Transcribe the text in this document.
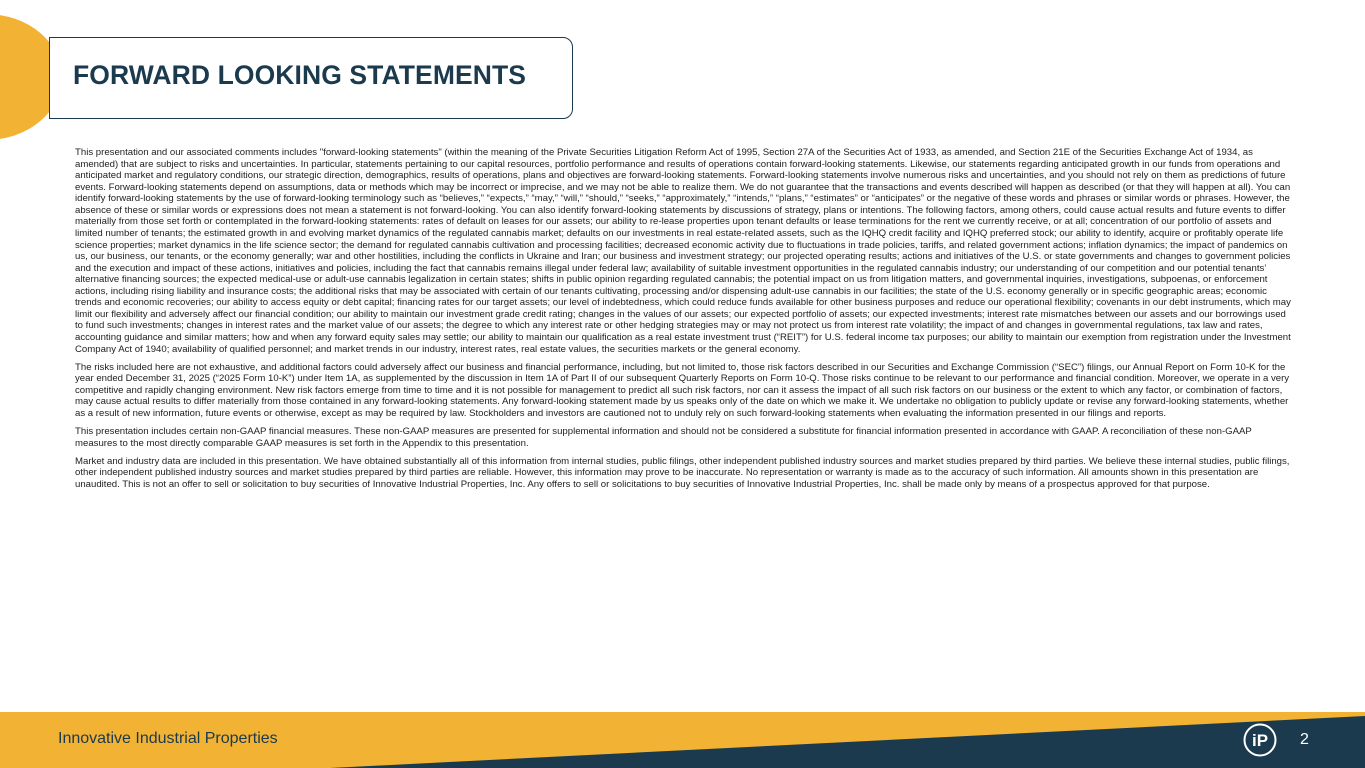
FORWARD LOOKING STATEMENTS

This presentation and our associated comments includes "forward-looking statements" (within the meaning of the Private Securities Litigation Reform Act of 1995, Section 27A of the Securities Act of 1933, as amended, and Section 21E of the Securities Exchange Act of 1934, as amended) that are subject to risks and uncertainties. In particular, statements pertaining to our capital resources, portfolio performance and results of operations contain forward-looking statements. Likewise, our statements regarding anticipated growth in our funds from operations and anticipated market and regulatory conditions, our strategic direction, demographics, results of operations, plans and objectives are forward-looking statements. Forward-looking statements involve numerous risks and uncertainties, and you should not rely on them as predictions of future events. Forward-looking statements depend on assumptions, data or methods which may be incorrect or imprecise, and we may not be able to realize them. We do not guarantee that the transactions and events described will happen as described (or that they will happen at all). You can identify forward-looking statements by the use of forward-looking terminology such as “believes,” “expects,” “may,” “will,” “should,” “seeks,” “approximately,” “intends,” “plans,” “estimates” or “anticipates” or the negative of these words and phrases or similar words or phrases. However, the absence of these or similar words or expressions does not mean a statement is not forward-looking. You can also identify forward-looking statements by discussions of strategy, plans or intentions. The following factors, among others, could cause actual results and future events to differ materially from those set forth or contemplated in the forward-looking statements: rates of default on leases for our assets; our ability to re-lease properties upon tenant defaults or lease terminations for the rent we currently receive, or at all; concentration of our portfolio of assets and limited number of tenants; the estimated growth in and evolving market dynamics of the regulated cannabis market; defaults on our investments in real estate-related assets, such as the IQHQ credit facility and IQHQ preferred stock; our ability to identify, acquire or profitably operate life science properties; market dynamics in the life science sector; the demand for regulated cannabis cultivation and processing facilities; decreased economic activity due to fluctuations in trade policies, tariffs, and related government actions; inflation dynamics; the impact of pandemics on us, our business, our tenants, or the economy generally; war and other hostilities, including the conflicts in Ukraine and Iran; our business and investment strategy; our projected operating results; actions and initiatives of the U.S. or state governments and changes to government policies and the execution and impact of these actions, initiatives and policies, including the fact that cannabis remains illegal under federal law; availability of suitable investment opportunities in the regulated cannabis industry; our understanding of our competition and our potential tenants’ alternative financing sources; the expected medical-use or adult-use cannabis legalization in certain states; shifts in public opinion regarding regulated cannabis; the potential impact on us from litigation matters, and governmental inquiries, investigations, subpoenas, or enforcement actions, including rising liability and insurance costs; the additional risks that may be associated with certain of our tenants cultivating, processing and/or dispensing adult-use cannabis in our facilities; the state of the U.S. economy generally or in specific geographic areas; economic trends and economic recoveries; our ability to access equity or debt capital; financing rates for our target assets; our level of indebtedness, which could reduce funds available for other business purposes and reduce our operational flexibility; covenants in our debt instruments, which may limit our flexibility and adversely affect our financial condition; our ability to maintain our investment grade credit rating; changes in the values of our assets; our expected portfolio of assets; our expected investments; interest rate mismatches between our assets and our borrowings used to fund such investments; changes in interest rates and the market value of our assets; the degree to which any interest rate or other hedging strategies may or may not protect us from interest rate volatility; the impact of and changes in governmental regulations, tax law and rates, accounting guidance and similar matters; how and when any forward equity sales may settle; our ability to maintain our qualification as a real estate investment trust (“REIT”) for U.S. federal income tax purposes; our ability to maintain our exemption from registration under the Investment Company Act of 1940; availability of qualified personnel; and market trends in our industry, interest rates, real estate values, the securities markets or the general economy.

The risks included here are not exhaustive, and additional factors could adversely affect our business and financial performance, including, but not limited to, those risk factors described in our Securities and Exchange Commission (“SEC”) filings, our Annual Report on Form 10-K for the year ended December 31, 2025 (“2025 Form 10-K”) under Item 1A, as supplemented by the discussion in Item 1A of Part II of our subsequent Quarterly Reports on Form 10-Q. Those risks continue to be relevant to our performance and financial condition. Moreover, we operate in a very competitive and rapidly changing environment. New risk factors emerge from time to time and it is not possible for management to predict all such risk factors, nor can it assess the impact of all such risk factors on our business or the extent to which any factor, or combination of factors, may cause actual results to differ materially from those contained in any forward-looking statements. Any forward-looking statement made by us speaks only of the date on which we make it. We undertake no obligation to publicly update or revise any forward-looking statements, whether as a result of new information, future events or otherwise, except as may be required by law. Stockholders and investors are cautioned not to unduly rely on such forward-looking statements when evaluating the information presented in our filings and reports.

This presentation includes certain non-GAAP financial measures. These non-GAAP measures are presented for supplemental information and should not be considered a substitute for financial information presented in accordance with GAAP. A reconciliation of these non-GAAP measures to the most directly comparable GAAP measures is set forth in the Appendix to this presentation.

Market and industry data are included in this presentation. We have obtained substantially all of this information from internal studies, public filings, other independent published industry sources and market studies prepared by third parties. We believe these internal studies, public filings, other independent published industry sources and market studies prepared by third parties are reliable. However, this information may prove to be inaccurate. No representation or warranty is made as to the accuracy of such information. All amounts shown in this presentation are unaudited. This is not an offer to sell or solicitation to buy securities of Innovative Industrial Properties, Inc. Any offers to sell or solicitations to buy securities of Innovative Industrial Properties, Inc. shall be made only by means of a prospectus approved for that purpose.

Innovative Industrial Properties	iP 2
